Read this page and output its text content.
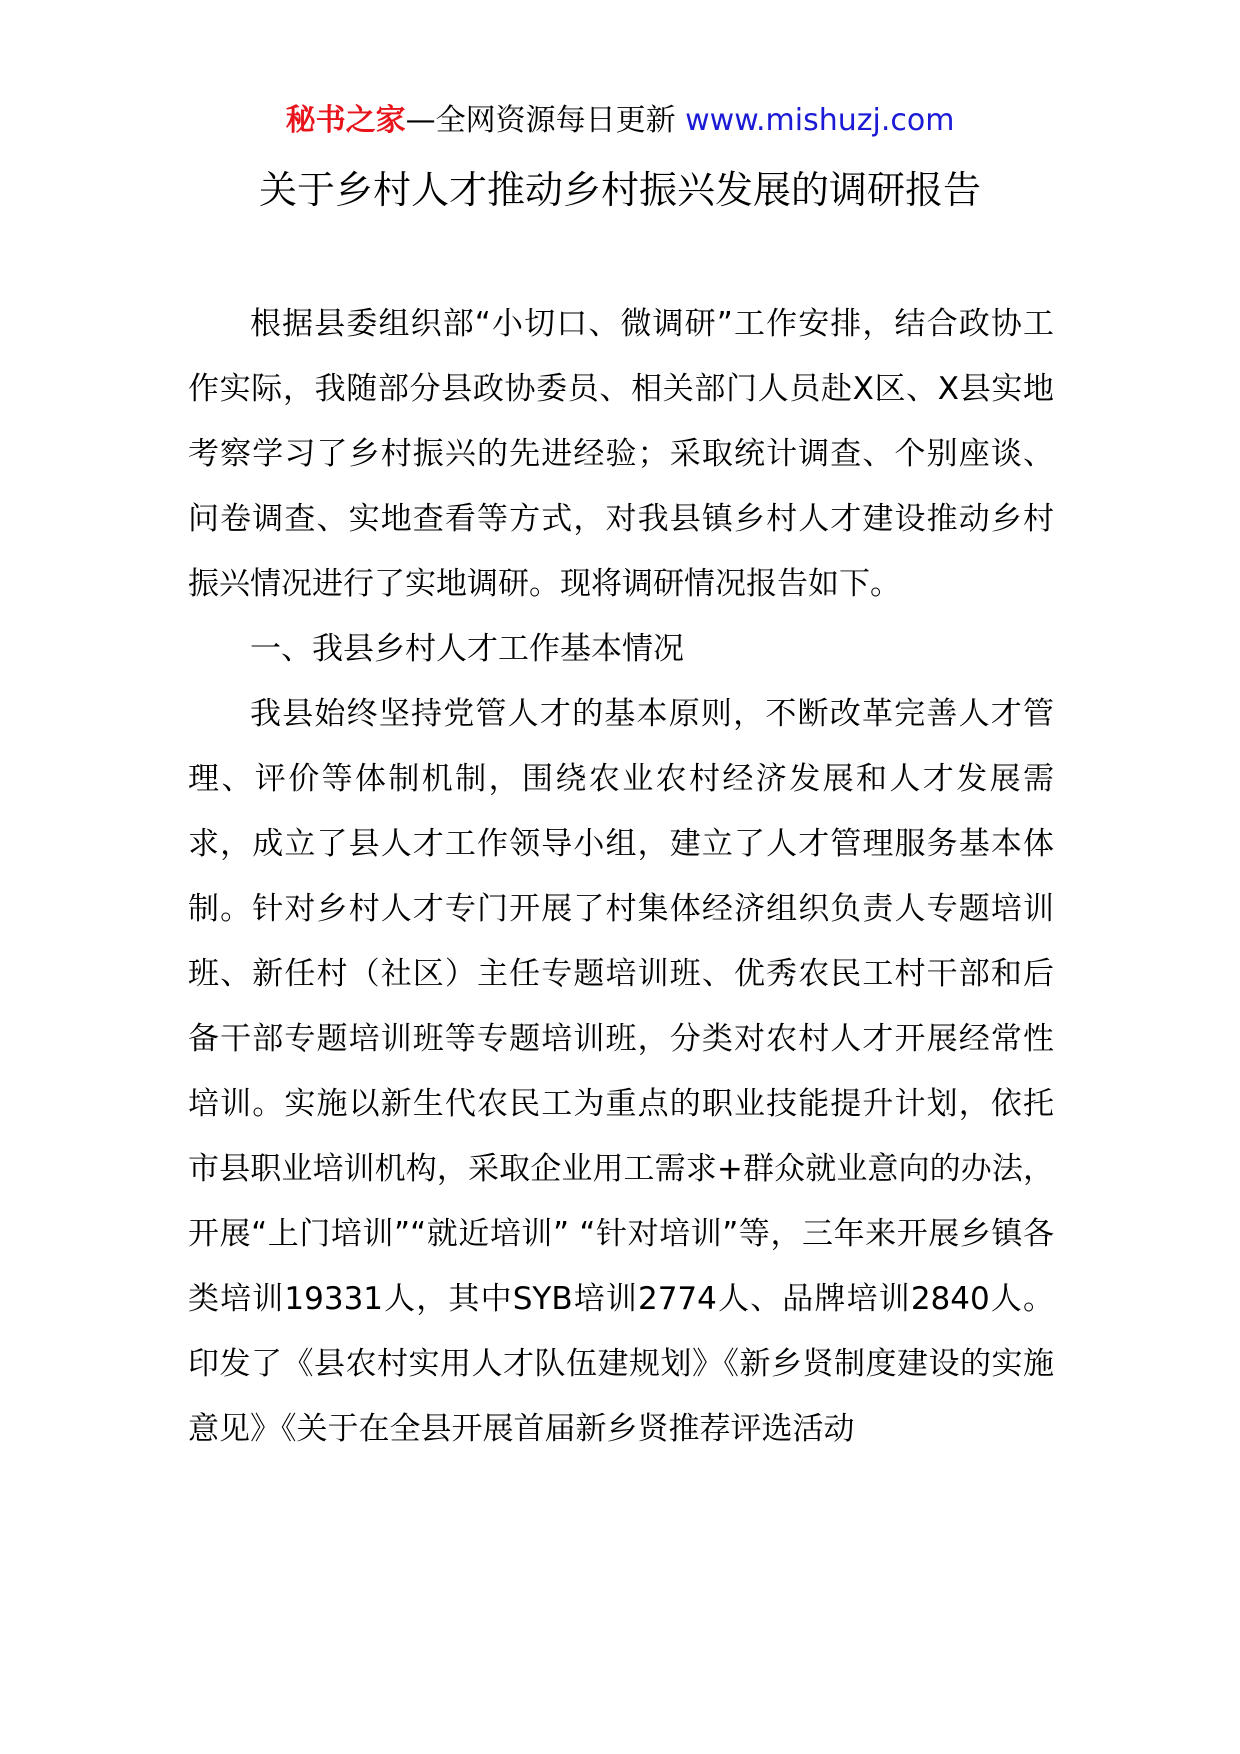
秘书之家—全网资源每日更新 www.mishuzj.com
关于乡村人才推动乡村振兴发展的调研报告

根据县委组织部“小切口、微调研”工作安排，结合政协工作实际，我随部分县政协委员、相关部门人员赴X区、X县实地考察学习了乡村振兴的先进经验；采取统计调查、个别座谈、问卷调查、实地查看等方式，对我县镇乡村人才建设推动乡村振兴情况进行了实地调研。现将调研情况报告如下。

一、我县乡村人才工作基本情况

我县始终坚持党管人才的基本原则，不断改革完善人才管理、评价等体制机制，围绕农业农村经济发展和人才发展需求，成立了县人才工作领导小组，建立了人才管理服务基本体制。针对乡村人才专门开展了村集体经济组织负责人专题培训班、新任村（社区）主任专题培训班、优秀农民工村干部和后备干部专题培训班等专题培训班，分类对农村人才开展经常性培训。实施以新生代农民工为重点的职业技能提升计划，依托市县职业培训机构，采取企业用工需求+群众就业意向的办法，开展“上门培训”“就近培训” “针对培训”等，三年来开展乡镇各类培训19331人，其中SYB培训2774人、品牌培训2840人。印发了《县农村实用人才队伍建规划》《新乡贤制度建设的实施意见》《关于在全县开展首届新乡贤推荐评选活动
